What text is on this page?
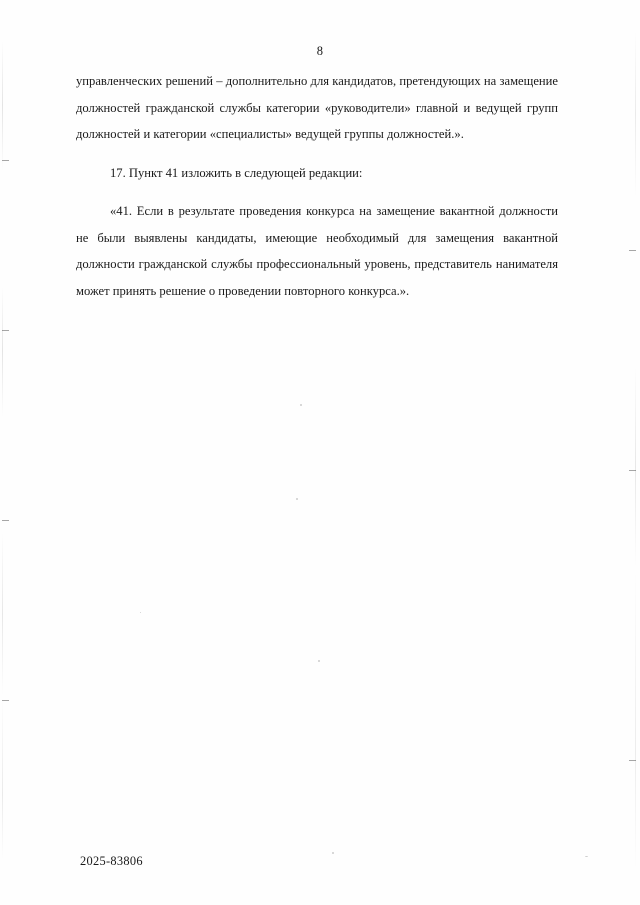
8

управленческих решений – дополнительно для кандидатов, претендующих на замещение должностей гражданской службы категории «руководители» главной и ведущей групп должностей и категории «специалисты» ведущей группы должностей.».

17. Пункт 41 изложить в следующей редакции:

«41. Если в результате проведения конкурса на замещение вакантной должности не были выявлены кандидаты, имеющие необходимый для замещения вакантной должности гражданской службы профессиональный уровень, представитель нанимателя может принять решение о проведении повторного конкурса.».

2025-83806
